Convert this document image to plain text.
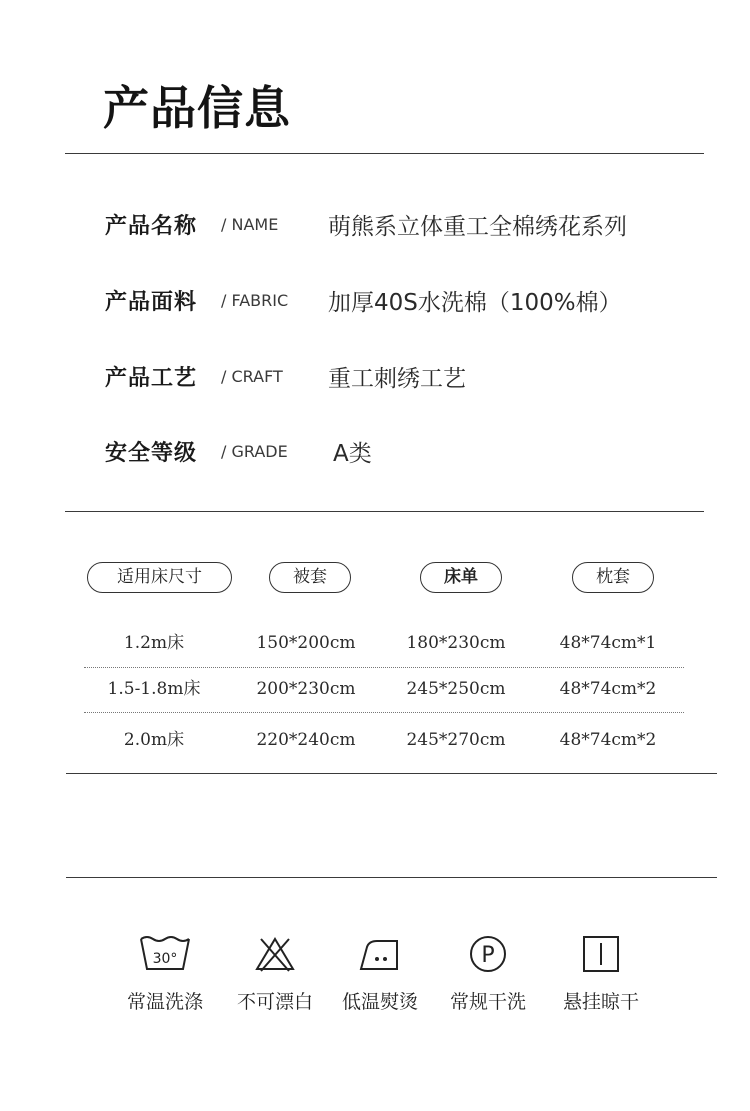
产品信息
产品名称 / NAME 萌熊系立体重工全棉绣花系列
产品面料 / FABRIC 加厚40S水洗棉（100%棉）
产品工艺 / CRAFT 重工刺绣工艺
安全等级 / GRADE A类
适用床尺寸	被套	床单	枕套
1.2m床	150*200cm	180*230cm	48*74cm*1
1.5-1.8m床	200*230cm	245*250cm	48*74cm*2
2.0m床	220*240cm	245*270cm	48*74cm*2
30°
常温洗涤	不可漂白	低温熨烫
P
常规干洗	悬挂晾干
